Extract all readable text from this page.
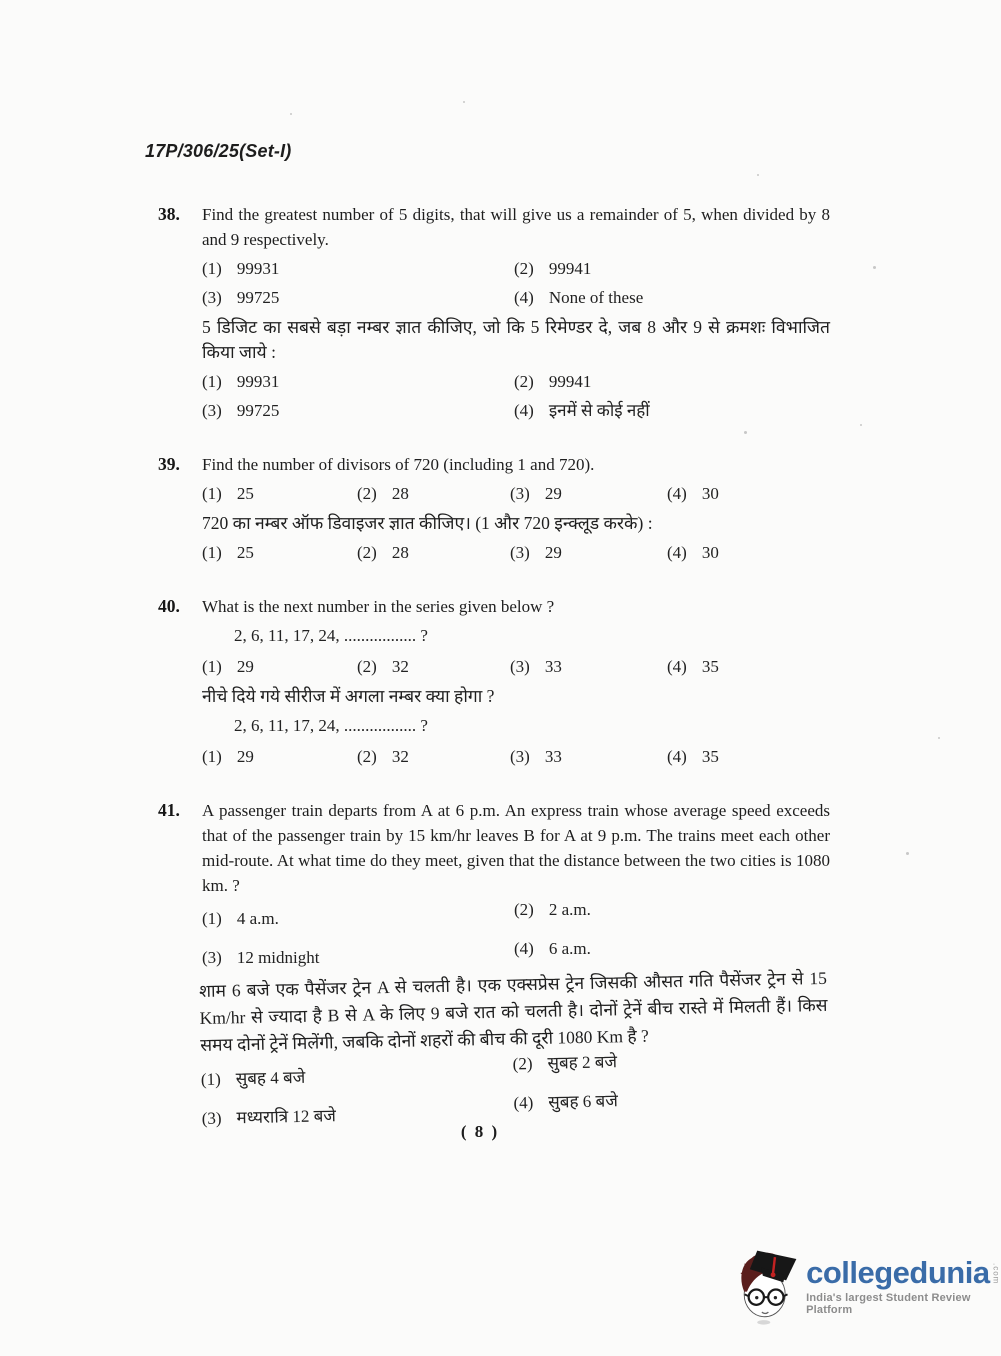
17P/306/25(Set-I)
38.	Find the greatest number of 5 digits, that will give us a remainder of 5, when divided by 8 and 9 respectively.

(1) 99931	(2) 99941
(3) 99725	(4) None of these

5 डिजिट का सबसे बड़ा नम्बर ज्ञात कीजिए, जो कि 5 रिमेण्डर दे, जब 8 और 9 से क्रमशः विभाजित किया जाये :

(1) 99931	(2) 99941
(3) 99725	(4) इनमें से कोई नहीं
39.	Find the number of divisors of 720 (including 1 and 720).

(1) 25	(2) 28	(3) 29	(4) 30

720 का नम्बर ऑफ डिवाइजर ज्ञात कीजिए। (1 और 720 इन्क्लूड करके) :

(1) 25	(2) 28	(3) 29	(4) 30
40.	What is the next number in the series given below ?

2, 6, 11, 17, 24, ................. ?
(1) 29	(2) 32	(3) 33	(4) 35

नीचे दिये गये सीरीज में अगला नम्बर क्या होगा ?

2, 6, 11, 17, 24, ................. ?
(1) 29	(2) 32	(3) 33	(4) 35
41.	A passenger train departs from A at 6 p.m. An express train whose average speed exceeds that of the passenger train by 15 km/hr leaves B for A at 9 p.m. The trains meet each other mid-route. At what time do they meet, given that the distance between the two cities is 1080 km. ?

(1) 4 a.m.	(2) 2 a.m.
(3) 12 midnight	(4) 6 a.m.

शाम 6 बजे एक पैसेंजर ट्रेन A से चलती है। एक एक्सप्रेस ट्रेन जिसकी औसत गति पैसेंजर ट्रेन से 15 Km/hr से ज्यादा है B से A के लिए 9 बजे रात को चलती है। दोनों ट्रेनें बीच रास्ते में मिलती हैं। किस समय दोनों ट्रेनें मिलेंगी, जबकि दोनों शहरों की बीच की दूरी 1080 Km है ?

(1) सुबह 4 बजे
(2) सुबह 2 बजे
(3) मध्यरात्रि 12 बजे
(4) सुबह 6 बजे
( 8 )
collegedunia .com
India's largest Student Review Platform
